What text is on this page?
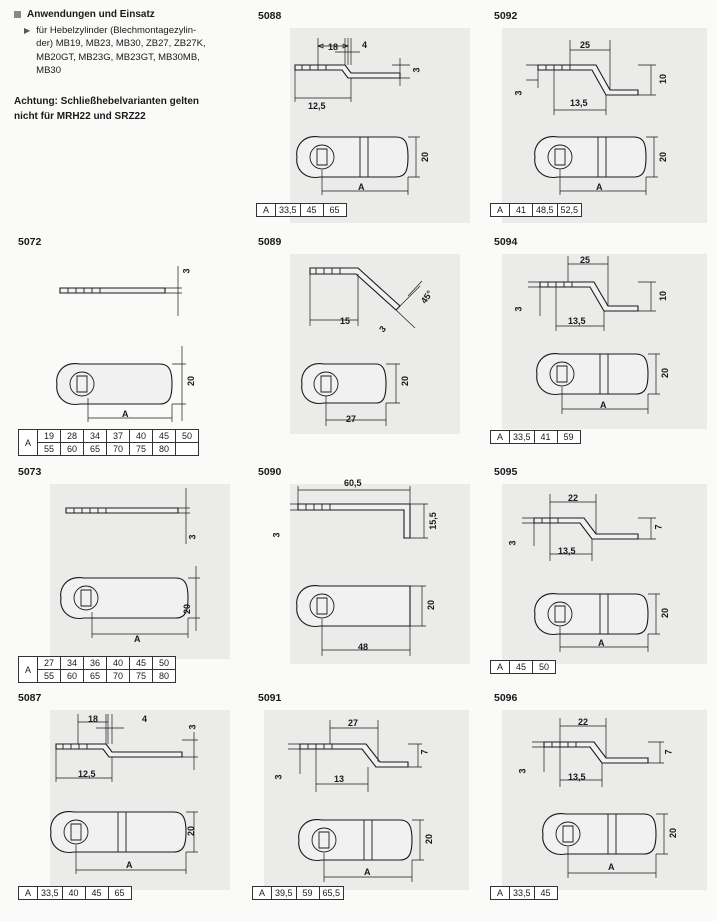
Anwendungen und Einsatz
▶ für Hebelzylinder (Blechmontagezylin-
der) MB19, MB23, MB30, ZB27, ZB27K,
MB20GT, MB23G, MB23GT, MB30MB,
MB30
Achtung: Schließhebelvarianten gelten
nicht für MRH22 und SRZ22
5088
18	4
3
12,5
20
A
A	33,5	45	65
5092
25
10
3
13,5
20
A
A	41	48,5	52,5
5072
3
20
A
A	19	28	34	37	40	45	50
	55	60	65	70	75	80	
5089
15
3
45°
20
27
5094
25
10
3
13,5
20
A
A	33,5	41	59
5073
3
20
A
A	27	34	36	40	45	50
	55	60	65	70	75	80
5090
60,5
3
15,5
20
48
5095
22
7
3
13,5
20
A
A	45	50
5087
18	4
3
12,5
20
A
A	33,5	40	45	65
5091
27
7
3	13
20
A
A	39,5	59	65,5
5096
22
7
3
13,5
20
A
A	33,5	45
